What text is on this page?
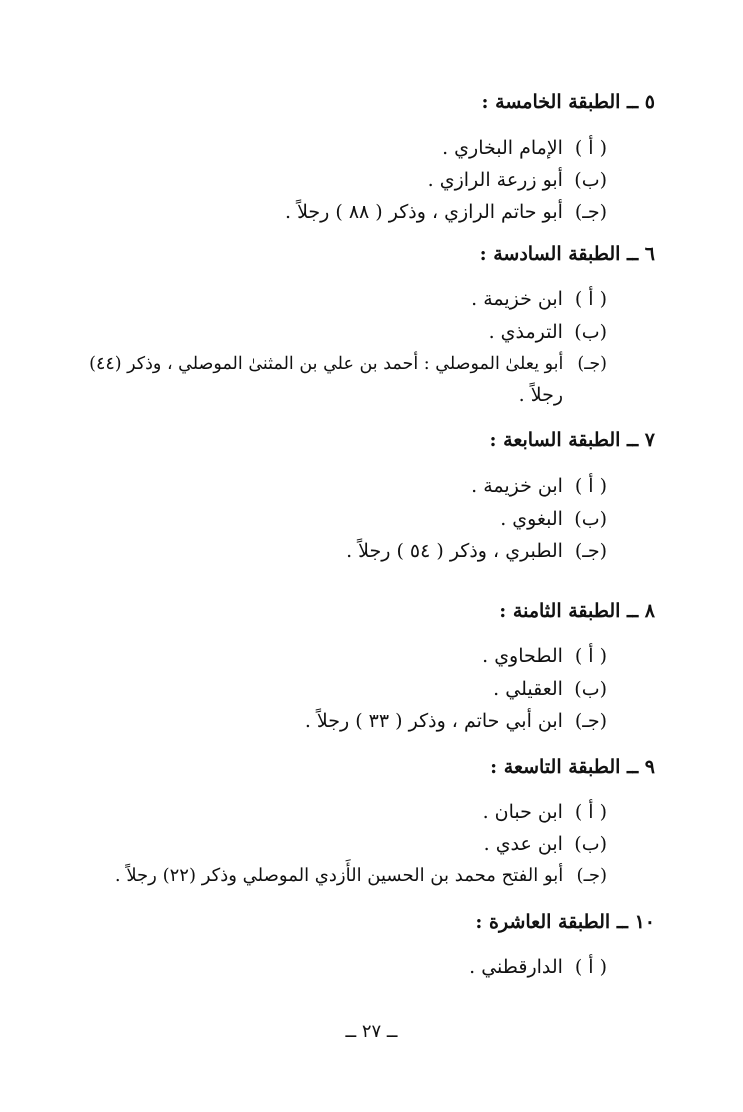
٥ ــ الطبقة الخامسة :
( أ ) الإمام البخاري .
(ب) أبو زرعة الرازي .
(جـ) أبو حاتم الرازي ، وذكر ( ٨٨ ) رجلاً .
٦ ــ الطبقة السادسة :
( أ ) ابن خزيمة .
(ب) الترمذي .
(جـ) أبو يعلىٰ الموصلي : أحمد بن علي بن المثنىٰ الموصلي ، وذكر (٤٤)
رجلاً .
٧ ــ الطبقة السابعة :
( أ ) ابن خزيمة .
(ب) البغوي .
(جـ) الطبري ، وذكر ( ٥٤ ) رجلاً .
٨ ــ الطبقة الثامنة :
( أ ) الطحاوي .
(ب) العقيلي .
(جـ) ابن أبي حاتم ، وذكر ( ٣٣ ) رجلاً .
٩ ــ الطبقة التاسعة :
( أ ) ابن حبان .
(ب) ابن عدي .
(جـ) أبو الفتح محمد بن الحسين الأَزدي الموصلي وذكر (٢٢) رجلاً .
١٠ ــ الطبقة العاشرة :
( أ ) الدارقطني .
ــ ٢٧ ــ
